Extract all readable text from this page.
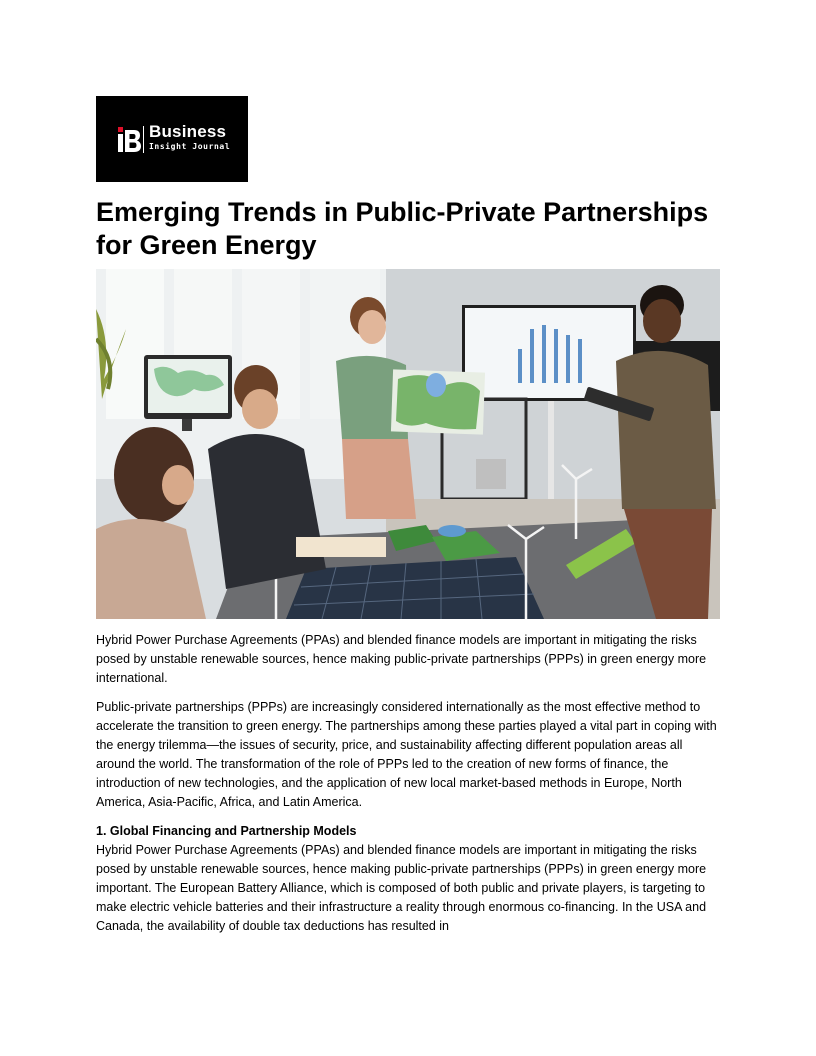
Business
Insight Journal
Emerging Trends in Public-Private Partnerships for Green Energy

Hybrid Power Purchase Agreements (PPAs) and blended finance models are important in mitigating the risks posed by unstable renewable sources, hence making public-private partnerships (PPPs) in green energy more international.

Public-private partnerships (PPPs) are increasingly considered internationally as the most effective method to accelerate the transition to green energy. The partnerships among these parties played a vital part in coping with the energy trilemma—the issues of security, price, and sustainability affecting different population areas all around the world. The transformation of the role of PPPs led to the creation of new forms of finance, the introduction of new technologies, and the application of new local market-based methods in Europe, North America, Asia-Pacific, Africa, and Latin America.

1. Global Financing and Partnership Models

Hybrid Power Purchase Agreements (PPAs) and blended finance models are important in mitigating the risks posed by unstable renewable sources, hence making public-private partnerships (PPPs) in green energy more important. The European Battery Alliance, which is composed of both public and private players, is targeting to make electric vehicle batteries and their infrastructure a reality through enormous co-financing. In the USA and Canada, the availability of double tax deductions has resulted in
